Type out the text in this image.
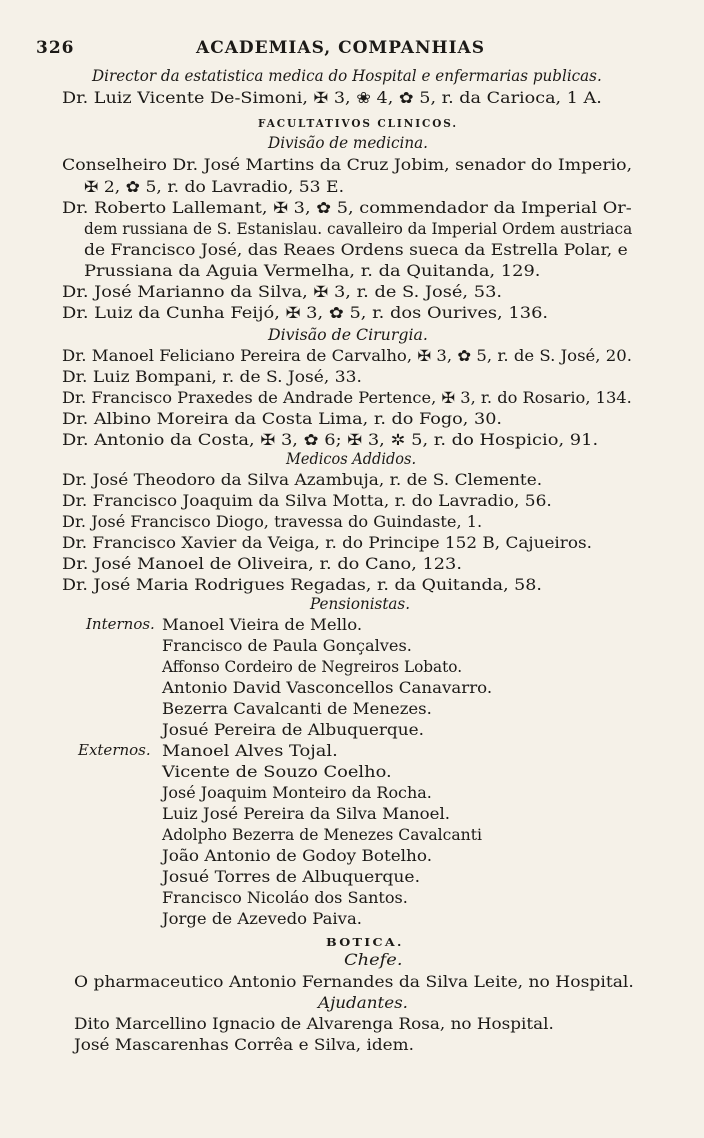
326	ACADEMIAS, COMPANHIAS
Director da estatistica medica do Hospital e enfermarias publicas.
Dr. Luiz Vicente De-Simoni, ✠ 3, ❀ 4, ✿ 5, r. da Carioca, 1 A.
FACULTATIVOS CLINICOS.
Divisão de medicina.
Conselheiro Dr. José Martins da Cruz Jobim, senador do Imperio,
✠ 2, ✿ 5, r. do Lavradio, 53 E.
Dr. Roberto Lallemant, ✠ 3, ✿ 5, commendador da Imperial Or-
dem russiana de S. Estanislau. cavalleiro da Imperial Ordem austriaca
de Francisco José, das Reaes Ordens sueca da Estrella Polar, e
Prussiana da Aguia Vermelha, r. da Quitanda, 129.
Dr. José Marianno da Silva, ✠ 3, r. de S. José, 53.
Dr. Luiz da Cunha Feijó, ✠ 3, ✿ 5, r. dos Ourives, 136.
Divisão de Cirurgia.
Dr. Manoel Feliciano Pereira de Carvalho, ✠ 3, ✿ 5, r. de S. José, 20.
Dr. Luiz Bompani, r. de S. José, 33.
Dr. Francisco Praxedes de Andrade Pertence, ✠ 3, r. do Rosario, 134.
Dr. Albino Moreira da Costa Lima, r. do Fogo, 30.
Dr. Antonio da Costa, ✠ 3, ✿ 6; ✠ 3, ✲ 5, r. do Hospicio, 91.
Medicos Addidos.
Dr. José Theodoro da Silva Azambuja, r. de S. Clemente.
Dr. Francisco Joaquim da Silva Motta, r. do Lavradio, 56.
Dr. José Francisco Diogo, travessa do Guindaste, 1.
Dr. Francisco Xavier da Veiga, r. do Principe 152 B, Cajueiros.
Dr. José Manoel de Oliveira, r. do Cano, 123.
Dr. José Maria Rodrigues Regadas, r. da Quitanda, 58.
Pensionistas.
Manoel Vieira de Mello.
Francisco de Paula Gonçalves.
Affonso Cordeiro de Negreiros Lobato.
Antonio David Vasconcellos Canavarro.
Bezerra Cavalcanti de Menezes.
Josué Pereira de Albuquerque.
Manoel Alves Tojal.
Vicente de Souzo Coelho.
José Joaquim Monteiro da Rocha.
Luiz José Pereira da Silva Manoel.
Adolpho Bezerra de Menezes Cavalcanti
João Antonio de Godoy Botelho.
Josué Torres de Albuquerque.
Francisco Nicoláo dos Santos.
Jorge de Azevedo Paiva.
BOTICA.
Chefe.
O pharmaceutico Antonio Fernandes da Silva Leite, no Hospital.
Ajudantes.
Dito Marcellino Ignacio de Alvarenga Rosa, no Hospital.
José Mascarenhas Corrêa e Silva, idem.
Internos.
Externos.
